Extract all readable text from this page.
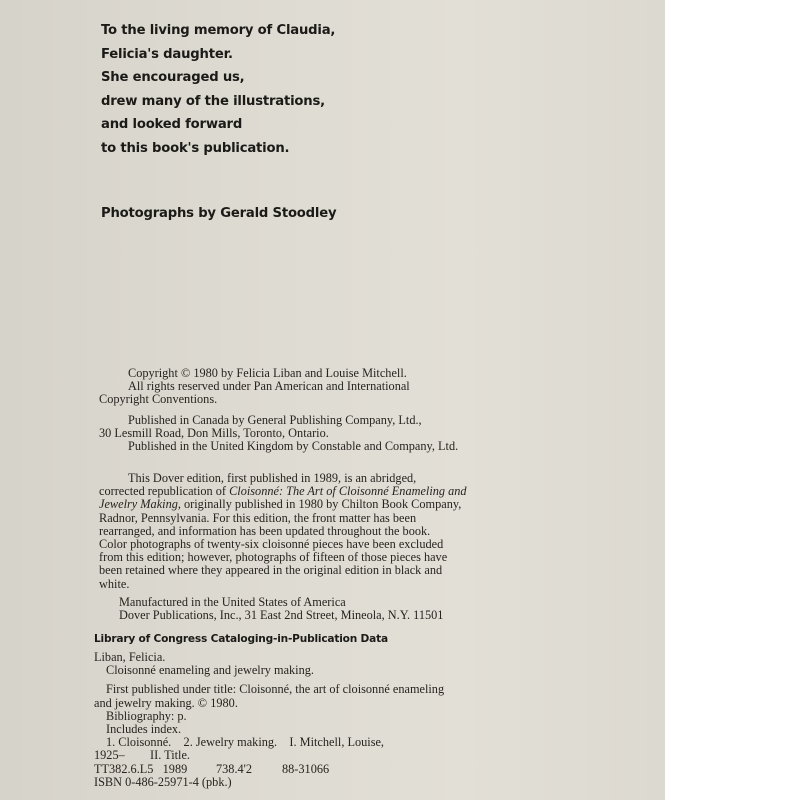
To the living memory of Claudia,
Felicia's daughter.
She encouraged us,
drew many of the illustrations,
and looked forward
to this book's publication.
Photographs by Gerald Stoodley
Copyright © 1980 by Felicia Liban and Louise Mitchell.
All rights reserved under Pan American and International
Copyright Conventions.
Published in Canada by General Publishing Company, Ltd.,
30 Lesmill Road, Don Mills, Toronto, Ontario.
Published in the United Kingdom by Constable and Company, Ltd.
This Dover edition, first published in 1989, is an abridged,
corrected republication of Cloisonné: The Art of Cloisonné Enameling and
Jewelry Making, originally published in 1980 by Chilton Book Company,
Radnor, Pennsylvania. For this edition, the front matter has been
rearranged, and information has been updated throughout the book.
Color photographs of twenty-six cloisonné pieces have been excluded
from this edition; however, photographs of fifteen of those pieces have
been retained where they appeared in the original edition in black and
white.
Manufactured in the United States of America
Dover Publications, Inc., 31 East 2nd Street, Mineola, N.Y. 11501
Library of Congress Cataloging-in-Publication Data
Liban, Felicia.
Cloisonné enameling and jewelry making.
First published under title: Cloisonné, the art of cloisonné enameling
and jewelry making. © 1980.
Bibliography: p.
Includes index.
1. Cloisonné.    2. Jewelry making.    I. Mitchell, Louise,
1925– II. Title.
TT382.6.L5   1989 738.4'2 88-31066
ISBN 0-486-25971-4 (pbk.)
